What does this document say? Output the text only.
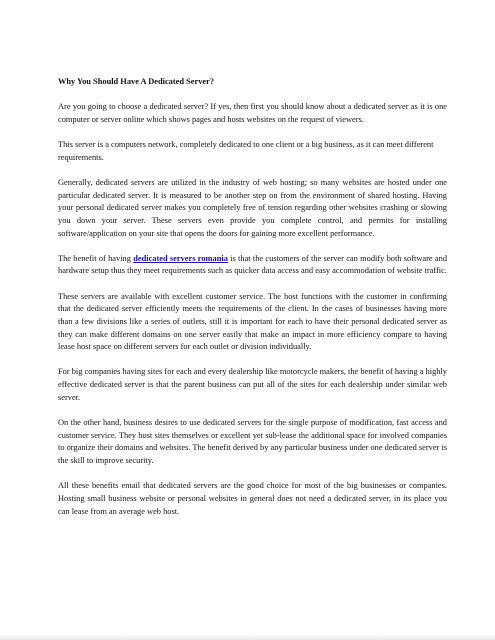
Why You Should Have A Dedicated Server?

Are you going to choose a dedicated server? If yes, then first you should know about a dedicated server as it is one computer or server online which shows pages and hosts websites on the request of viewers.

This server is a computers network, completely dedicated to one client or a big business, as it can meet different requirements.

Generally, dedicated servers are utilized in the industry of web hosting; so many websites are hosted under one particular dedicated server. It is measured to be another step on from the environment of shared hosting. Having your personal dedicated server makes you completely free of tension regarding other websites crashing or slowing you down your server. These servers even provide you complete control, and permits for installing software/application on your site that opens the doors for gaining more excellent performance.

The benefit of having dedicated servers romania is that the customers of the server can modify both software and hardware setup thus they meet requirements such as quicker data access and easy accommodation of website traffic.

These servers are available with excellent customer service. The host functions with the customer in confirming that the dedicated server efficiently meets the requirements of the client. In the cases of businesses having more than a few divisions like a series of outlets, still it is important for each to have their personal dedicated server as they can make different domains on one server easily that make an impact in more efficiency compare to having lease host space on different servers for each outlet or division individually.

For big companies having sites for each and every dealership like motorcycle makers, the benefit of having a highly effective dedicated server is that the parent business can put all of the sites for each dealership under similar web server.

On the other hand, business desires to use dedicated servers for the single purpose of modification, fast access and customer service. They host sites themselves or excellent yet sub-lease the additional space for involved companies to organize their domains and websites. The benefit derived by any particular business under one dedicated server is the skill to improve security.

All these benefits entail that dedicated servers are the good choice for most of the big businesses or companies. Hosting small business website or personal websites in general does not need a dedicated server, in its place you can lease from an average web host.
